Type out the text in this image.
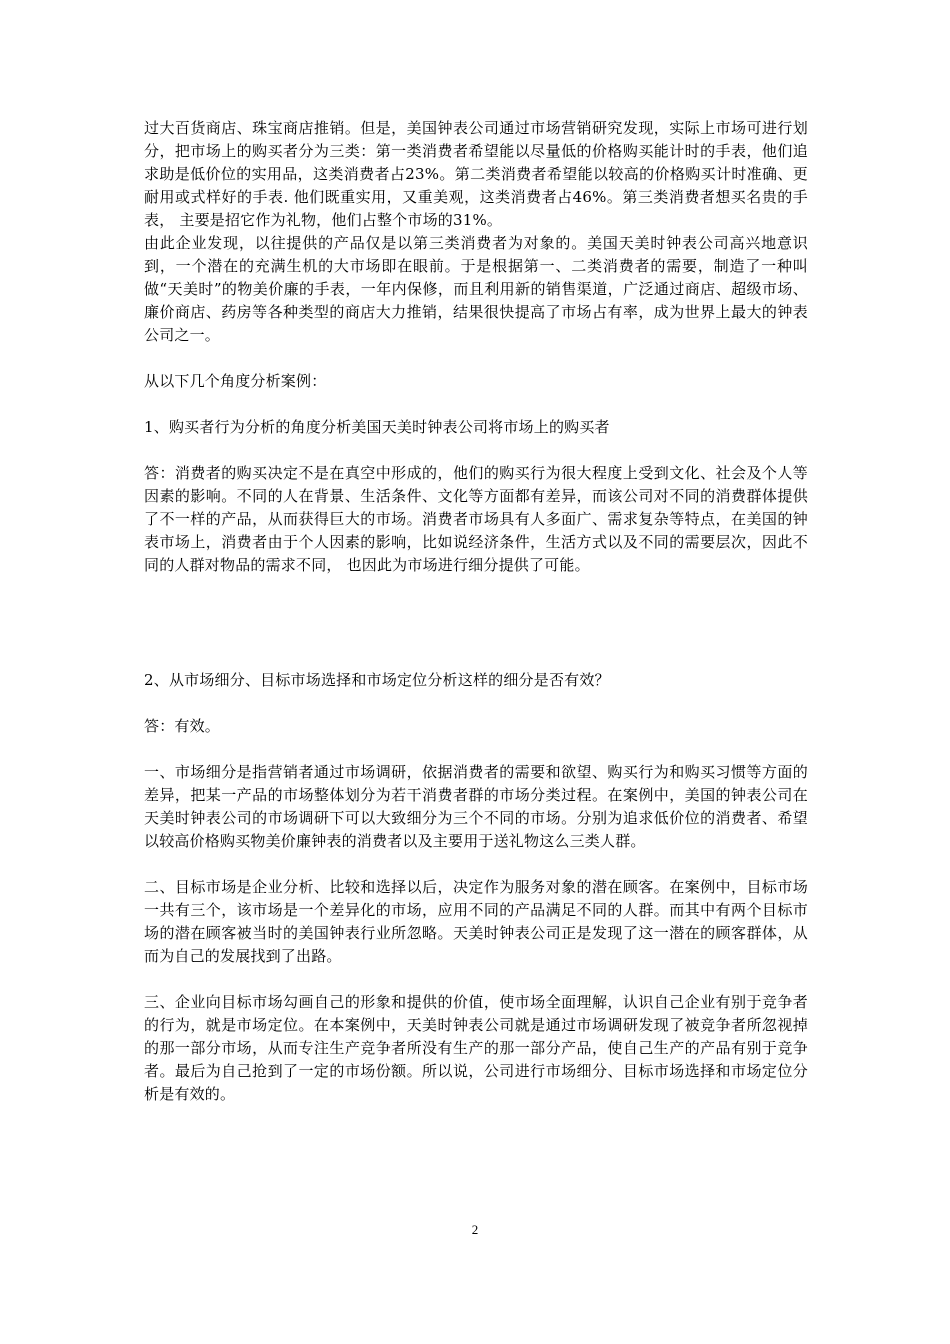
过大百货商店、珠宝商店推销。但是，美国钟表公司通过市场营销研究发现，实际上市场可进行划分，把市场上的购买者分为三类：第一类消费者希望能以尽量低的价格购买能计时的手表，他们追求助是低价位的实用品，这类消费者占23%。第二类消费者希望能以较高的价格购买计时准确、更耐用或式样好的手表. 他们既重实用，又重美观，这类消费者占46%。第三类消费者想买名贵的手表， 主要是招它作为礼物，他们占整个市场的31%。

由此企业发现，以往提供的产品仅是以第三类消费者为对象的。美国天美时钟表公司高兴地意识到，一个潜在的充满生机的大市场即在眼前。于是根据第一、二类消费者的需要，制造了一种叫做“天美时”的物美价廉的手表，一年内保修，而且利用新的销售渠道，广泛通过商店、超级市场、廉价商店、药房等各种类型的商店大力推销，结果很快提高了市场占有率，成为世界上最大的钟表公司之一。

从以下几个角度分析案例：

1、购买者行为分析的角度分析美国天美时钟表公司将市场上的购买者

答：消费者的购买决定不是在真空中形成的，他们的购买行为很大程度上受到文化、社会及个人等因素的影响。不同的人在背景、生活条件、文化等方面都有差异，而该公司对不同的消费群体提供了不一样的产品，从而获得巨大的市场。消费者市场具有人多面广、需求复杂等特点，在美国的钟表市场上，消费者由于个人因素的影响，比如说经济条件，生活方式以及不同的需要层次，因此不同的人群对物品的需求不同， 也因此为市场进行细分提供了可能。

2、从市场细分、目标市场选择和市场定位分析这样的细分是否有效？

答：有效。

一、市场细分是指营销者通过市场调研，依据消费者的需要和欲望、购买行为和购买习惯等方面的差异，把某一产品的市场整体划分为若干消费者群的市场分类过程。在案例中，美国的钟表公司在天美时钟表公司的市场调研下可以大致细分为三个不同的市场。分别为追求低价位的消费者、希望以较高价格购买物美价廉钟表的消费者以及主要用于送礼物这么三类人群。

二、目标市场是企业分析、比较和选择以后，决定作为服务对象的潜在顾客。在案例中，目标市场一共有三个，该市场是一个差异化的市场，应用不同的产品满足不同的人群。而其中有两个目标市场的潜在顾客被当时的美国钟表行业所忽略。天美时钟表公司正是发现了这一潜在的顾客群体，从而为自己的发展找到了出路。

三、企业向目标市场勾画自己的形象和提供的价值，使市场全面理解，认识自己企业有别于竞争者的行为，就是市场定位。在本案例中，天美时钟表公司就是通过市场调研发现了被竞争者所忽视掉的那一部分市场，从而专注生产竞争者所没有生产的那一部分产品，使自己生产的产品有别于竞争者。最后为自己抢到了一定的市场份额。所以说，公司进行市场细分、目标市场选择和市场定位分析是有效的。

2
